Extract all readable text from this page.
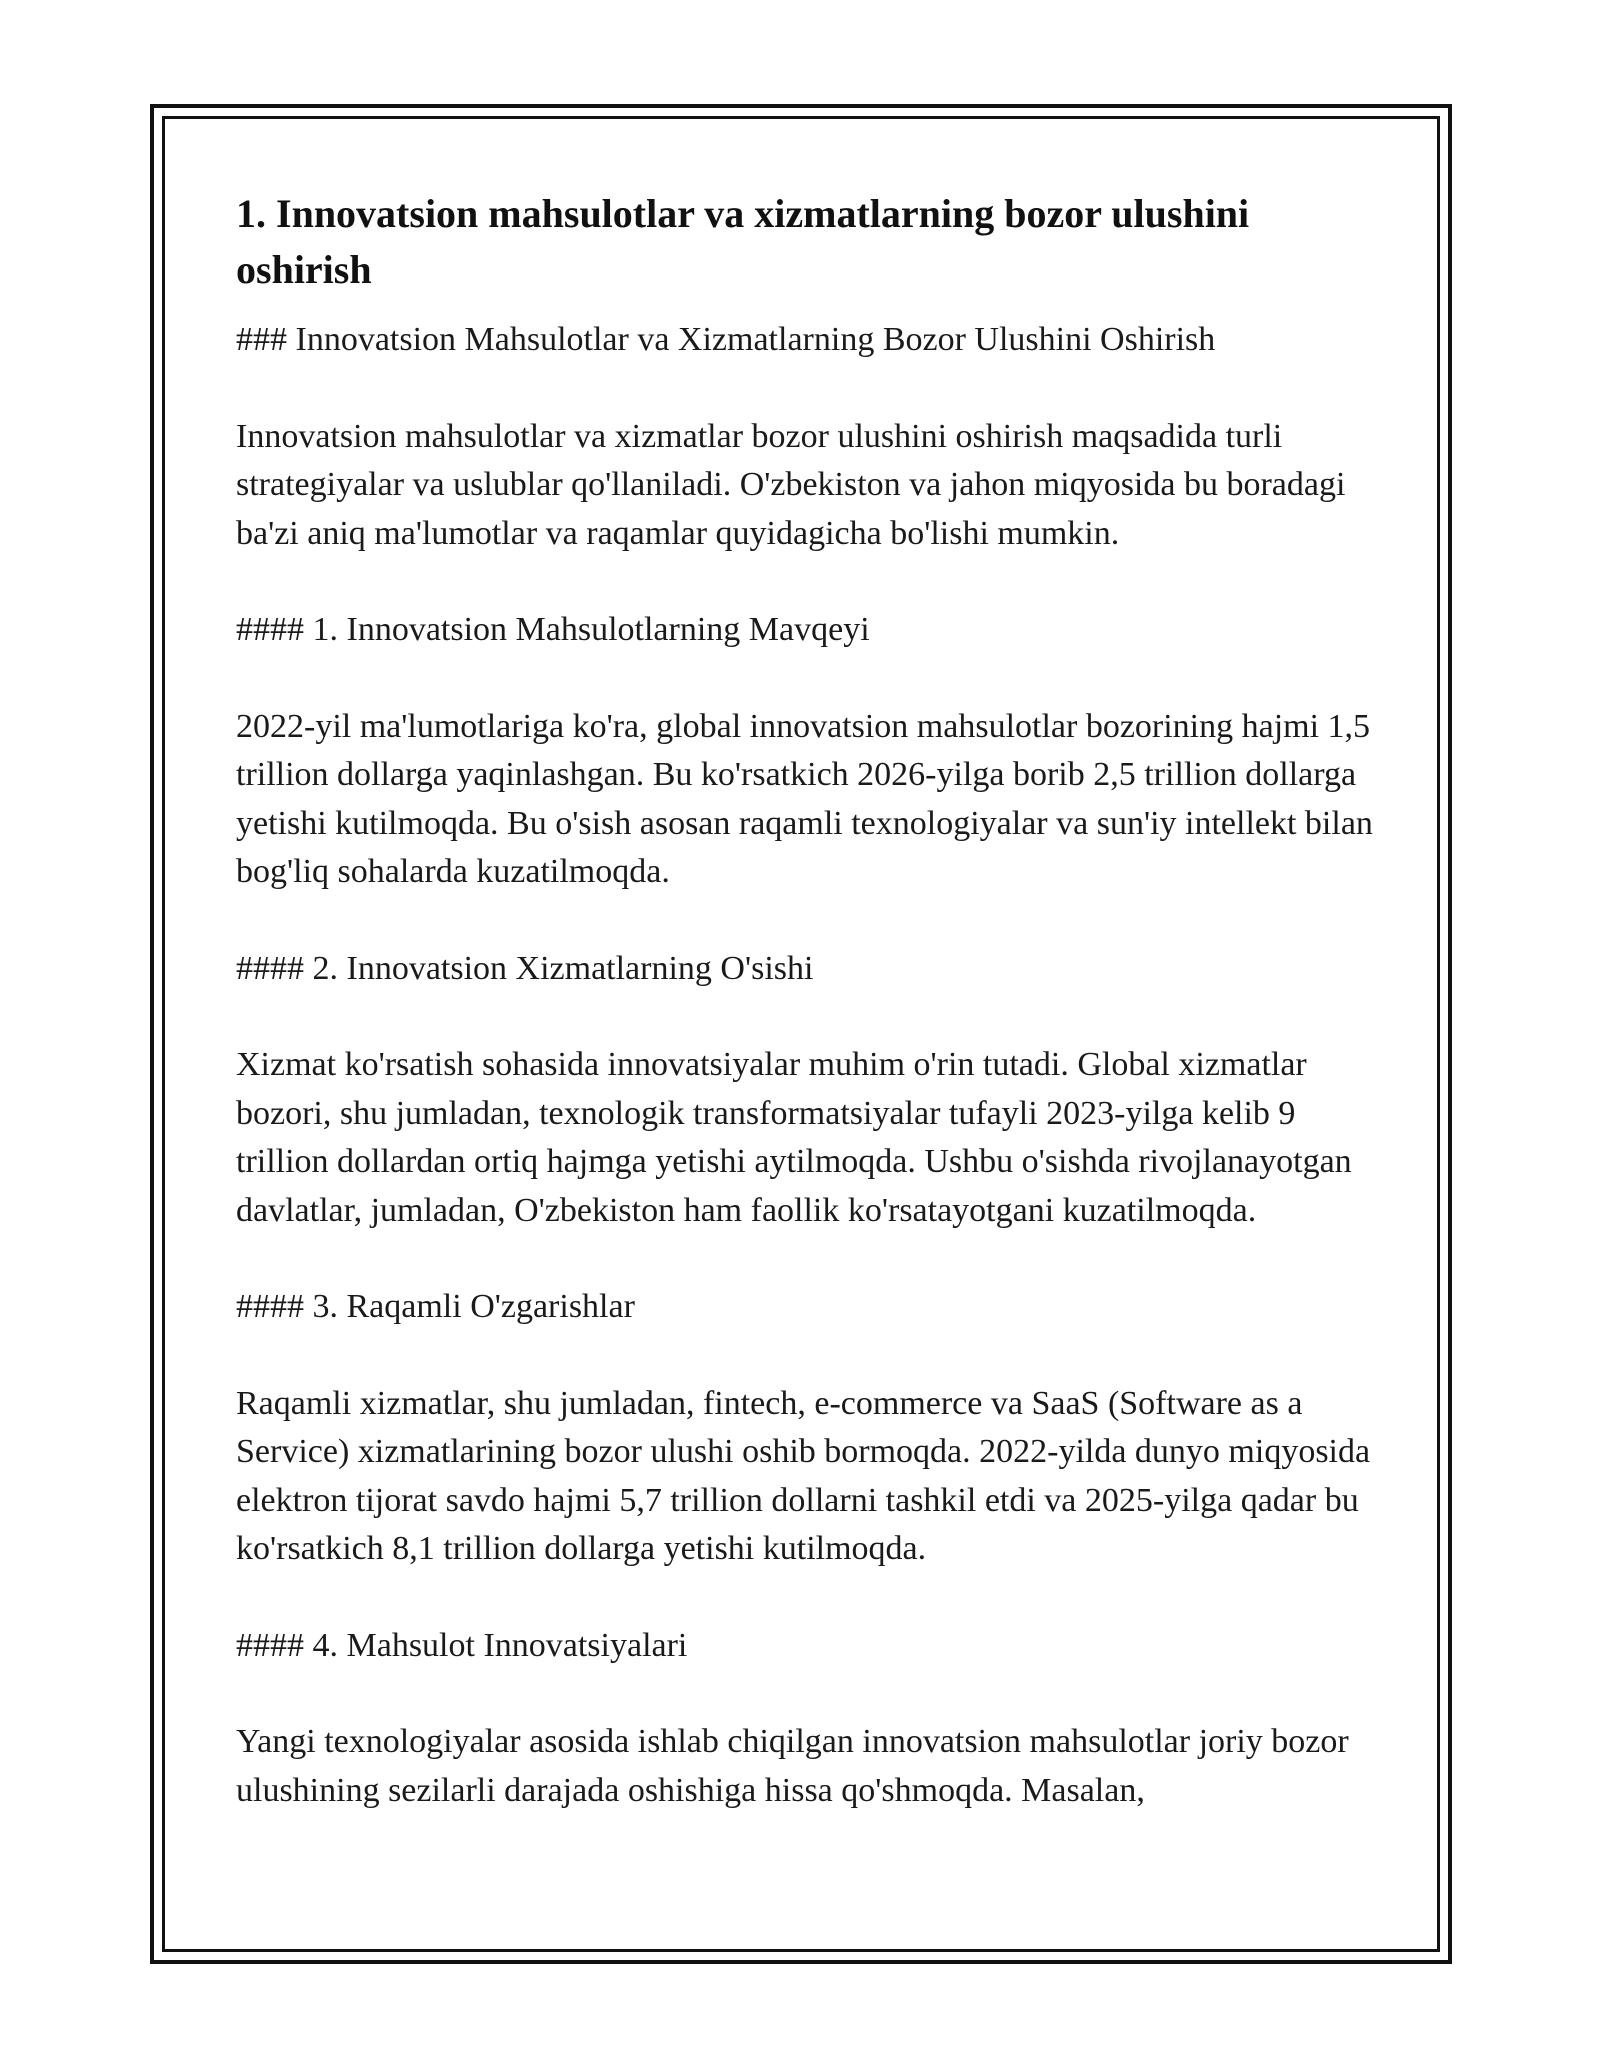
1. Innovatsion mahsulotlar va xizmatlarning bozor ulushini oshirish

### Innovatsion Mahsulotlar va Xizmatlarning Bozor Ulushini Oshirish

Innovatsion mahsulotlar va xizmatlar bozor ulushini oshirish maqsadida turli strategiyalar va uslublar qo'llaniladi. O'zbekiston va jahon miqyosida bu boradagi ba'zi aniq ma'lumotlar va raqamlar quyidagicha bo'lishi mumkin.

#### 1. Innovatsion Mahsulotlarning Mavqeyi

2022-yil ma'lumotlariga ko'ra, global innovatsion mahsulotlar bozorining hajmi 1,5 trillion dollarga yaqinlashgan. Bu ko'rsatkich 2026-yilga borib 2,5 trillion dollarga yetishi kutilmoqda. Bu o'sish asosan raqamli texnologiyalar va sun'iy intellekt bilan bog'liq sohalarda kuzatilmoqda.

#### 2. Innovatsion Xizmatlarning O'sishi

Xizmat ko'rsatish sohasida innovatsiyalar muhim o'rin tutadi. Global xizmatlar bozori, shu jumladan, texnologik transformatsiyalar tufayli 2023-yilga kelib 9 trillion dollardan ortiq hajmga yetishi aytilmoqda. Ushbu o'sishda rivojlanayotgan davlatlar, jumladan, O'zbekiston ham faollik ko'rsatayotgani kuzatilmoqda.

#### 3. Raqamli O'zgarishlar

Raqamli xizmatlar, shu jumladan, fintech, e-commerce va SaaS (Software as a Service) xizmatlarining bozor ulushi oshib bormoqda. 2022-yilda dunyo miqyosida elektron tijorat savdo hajmi 5,7 trillion dollarni tashkil etdi va 2025-yilga qadar bu ko'rsatkich 8,1 trillion dollarga yetishi kutilmoqda.

#### 4. Mahsulot Innovatsiyalari

Yangi texnologiyalar asosida ishlab chiqilgan innovatsion mahsulotlar joriy bozor ulushining sezilarli darajada oshishiga hissa qo'shmoqda. Masalan,
